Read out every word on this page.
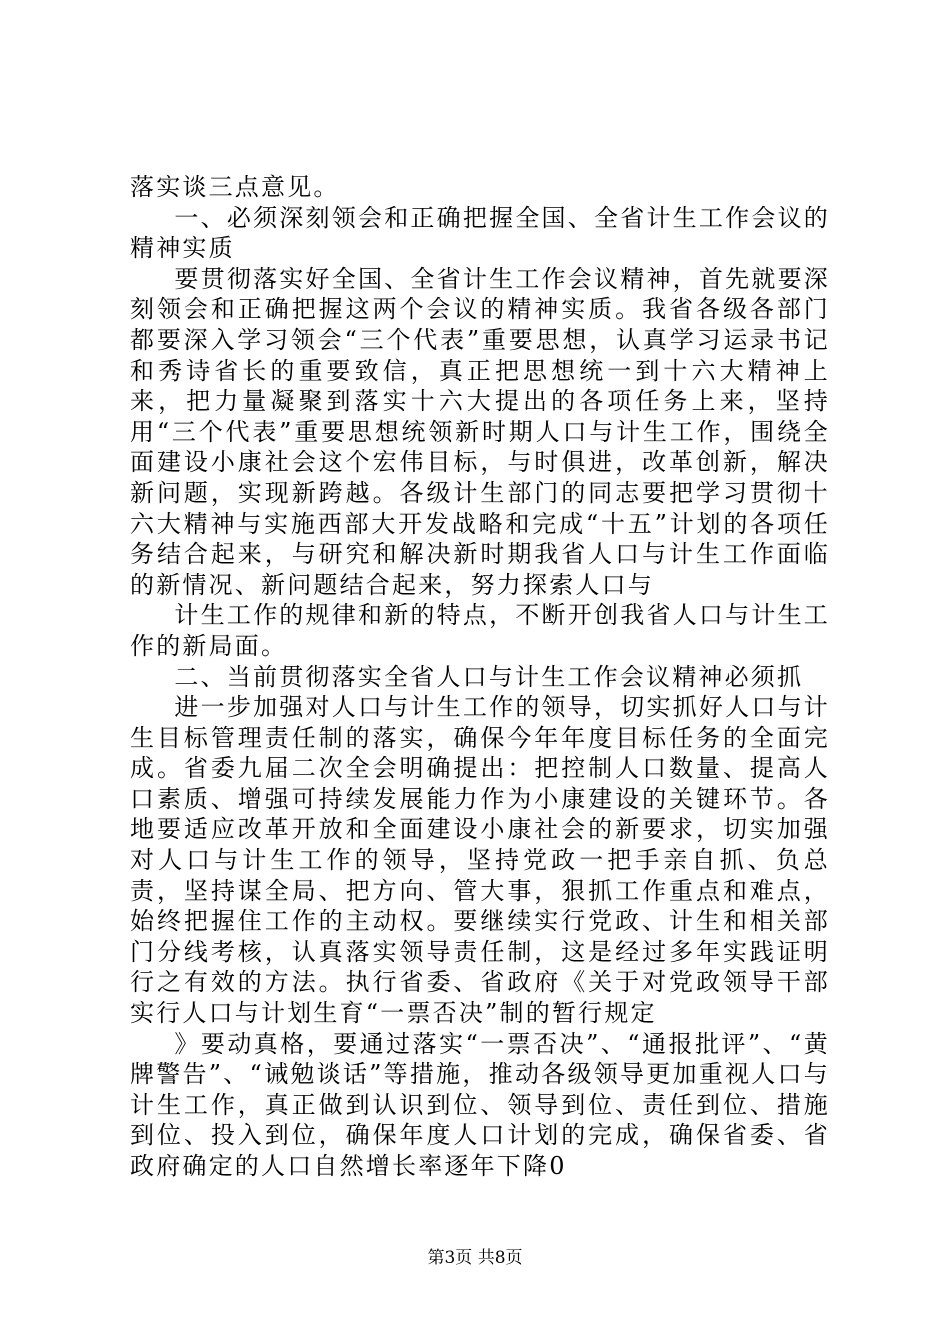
落实谈三点意见。

一、必须深刻领会和正确把握全国、全省计生工作会议的精神实质

要贯彻落实好全国、全省计生工作会议精神，首先就要深刻领会和正确把握这两个会议的精神实质。我省各级各部门都要深入学习领会“三个代表”重要思想，认真学习运录书记和秀诗省长的重要致信，真正把思想统一到十六大精神上来，把力量凝聚到落实十六大提出的各项任务上来，坚持用“三个代表”重要思想统领新时期人口与计生工作，围绕全面建设小康社会这个宏伟目标，与时俱进，改革创新，解决新问题，实现新跨越。各级计生部门的同志要把学习贯彻十六大精神与实施西部大开发战略和完成“十五”计划的各项任务结合起来，与研究和解决新时期我省人口与计生工作面临的新情况、新问题结合起来，努力探索人口与

计生工作的规律和新的特点，不断开创我省人口与计生工作的新局面。

二、当前贯彻落实全省人口与计生工作会议精神必须抓

进一步加强对人口与计生工作的领导，切实抓好人口与计生目标管理责任制的落实，确保今年年度目标任务的全面完成。省委九届二次全会明确提出：把控制人口数量、提高人口素质、增强可持续发展能力作为小康建设的关键环节。各地要适应改革开放和全面建设小康社会的新要求，切实加强对人口与计生工作的领导，坚持党政一把手亲自抓、负总责，坚持谋全局、把方向、管大事，狠抓工作重点和难点，始终把握住工作的主动权。要继续实行党政、计生和相关部门分线考核，认真落实领导责任制，这是经过多年实践证明行之有效的方法。执行省委、省政府《关于对党政领导干部实行人口与计划生育“一票否决”制的暂行规定

》要动真格，要通过落实“一票否决”、“通报批评”、“黄牌警告”、“诫勉谈话”等措施，推动各级领导更加重视人口与计生工作，真正做到认识到位、领导到位、责任到位、措施到位、投入到位，确保年度人口计划的完成，确保省委、省政府确定的人口自然增长率逐年下降0

第3页 共8页
